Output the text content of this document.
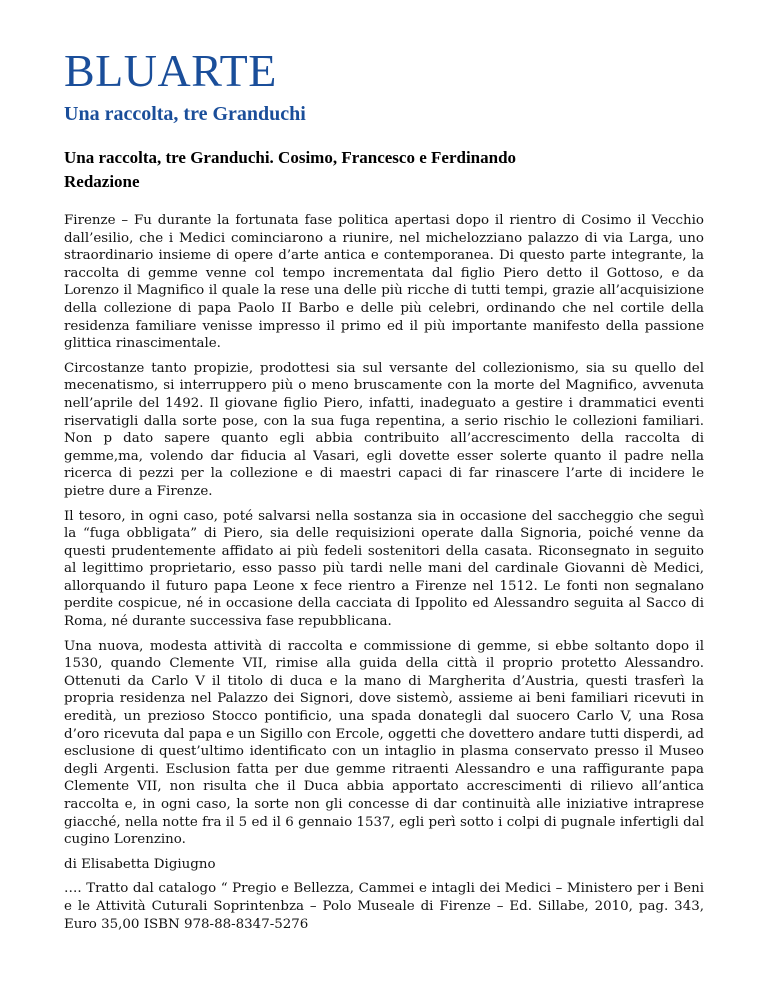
BLUARTE
Una raccolta, tre Granduchi
Una raccolta, tre Granduchi. Cosimo, Francesco e Ferdinando
Redazione

Firenze – Fu durante la fortunata fase politica apertasi dopo il rientro di Cosimo il Vecchio dall’esilio, che i Medici cominciarono a riunire, nel michelozziano palazzo di via Larga, uno straordinario insieme di opere d’arte antica e contemporanea. Di questo parte integrante, la raccolta di gemme venne col tempo incrementata dal figlio Piero detto il Gottoso, e da Lorenzo il Magnifico il quale la rese una delle più ricche di tutti tempi, grazie all’acquisizione della collezione di papa Paolo II Barbo e delle più celebri, ordinando che nel cortile della residenza familiare venisse impresso il primo ed il più importante manifesto della passione glittica rinascimentale.

Circostanze tanto propizie, prodottesi sia sul versante del collezionismo, sia su quello del mecenatismo, si interruppero più o meno bruscamente con la morte del Magnifico, avvenuta nell’aprile del 1492. Il giovane figlio Piero, infatti, inadeguato a gestire i drammatici eventi riservatigli dalla sorte pose, con la sua fuga repentina, a serio rischio le collezioni familiari. Non p dato sapere quanto egli abbia contribuito all’accrescimento della raccolta di gemme,ma, volendo dar fiducia al Vasari, egli dovette esser solerte quanto il padre nella ricerca di pezzi per la collezione e di maestri capaci di far rinascere l’arte di incidere le pietre dure a Firenze.

Il tesoro, in ogni caso, poté salvarsi nella sostanza sia in occasione del saccheggio che seguì la “fuga obbligata” di Piero, sia delle requisizioni operate dalla Signoria, poiché venne da questi prudentemente affidato ai più fedeli sostenitori della casata. Riconsegnato in seguito al legittimo proprietario, esso passo più tardi nelle mani del cardinale Giovanni dè Medici, allorquando il futuro papa Leone x fece rientro a Firenze nel 1512. Le fonti non segnalano perdite cospicue, né in occasione della cacciata di Ippolito ed Alessandro seguita al Sacco di Roma, né durante successiva fase repubblicana.

Una nuova, modesta attività di raccolta e commissione di gemme, si ebbe soltanto dopo il 1530, quando Clemente VII, rimise alla guida della città il proprio protetto Alessandro. Ottenuti da Carlo V il titolo di duca e la mano di Margherita d’Austria, questi trasferì la propria residenza nel Palazzo dei Signori, dove sistemò, assieme ai beni familiari ricevuti in eredità, un prezioso Stocco pontificio, una spada donategli dal suocero Carlo V, una Rosa d’oro ricevuta dal papa e un Sigillo con Ercole, oggetti che dovettero andare tutti disperdi, ad esclusione di quest’ultimo identificato con un intaglio in plasma conservato presso il Museo degli Argenti. Esclusion fatta per due gemme ritraenti Alessandro e una raffigurante papa Clemente VII, non risulta che il Duca abbia apportato accrescimenti di rilievo all’antica raccolta e, in ogni caso, la sorte non gli concesse di dar continuità alle iniziative intraprese giacché, nella notte fra il 5 ed il 6 gennaio 1537, egli perì sotto i colpi di pugnale infertigli dal cugino Lorenzino.

di Elisabetta Digiugno

…. Tratto dal catalogo “ Pregio e Bellezza, Cammei e intagli dei Medici – Ministero per i Beni e le Attività Cuturali Soprintenbza – Polo Museale di Firenze – Ed. Sillabe, 2010, pag. 343, Euro 35,00 ISBN 978-88-8347-5276
